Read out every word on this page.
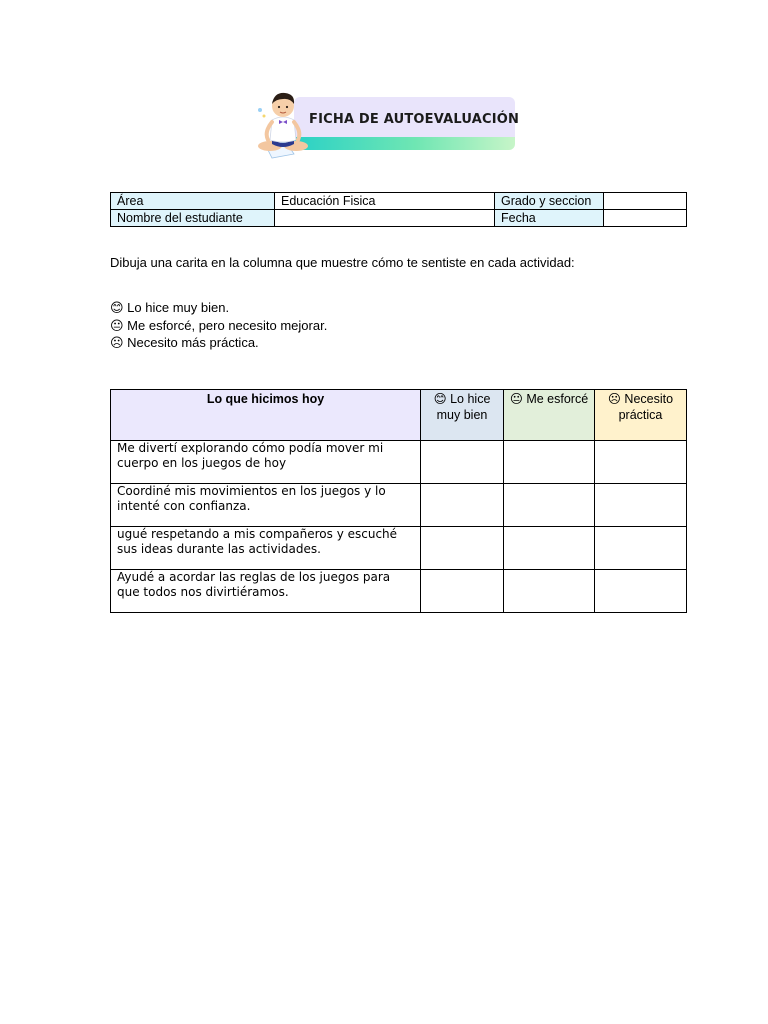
FICHA DE AUTOEVALUACIÓN
Área	Educación Fisica	Grado y seccion	
Nombre del estudiante		Fecha	
Dibuja una carita en la columna que muestre cómo te sentiste en cada actividad:
😊 Lo hice muy bien.
😐 Me esforcé, pero necesito mejorar.
☹ Necesito más práctica.
Lo que hicimos hoy	😊 Lo hice muy bien	😐 Me esforcé	☹ Necesito práctica
Me divertí explorando cómo podía mover mi cuerpo en los juegos de hoy			
Coordiné mis movimientos en los juegos y lo intenté con confianza.			
ugué respetando a mis compañeros y escuché sus ideas durante las actividades.			
Ayudé a acordar las reglas de los juegos para que todos nos divirtiéramos.			
